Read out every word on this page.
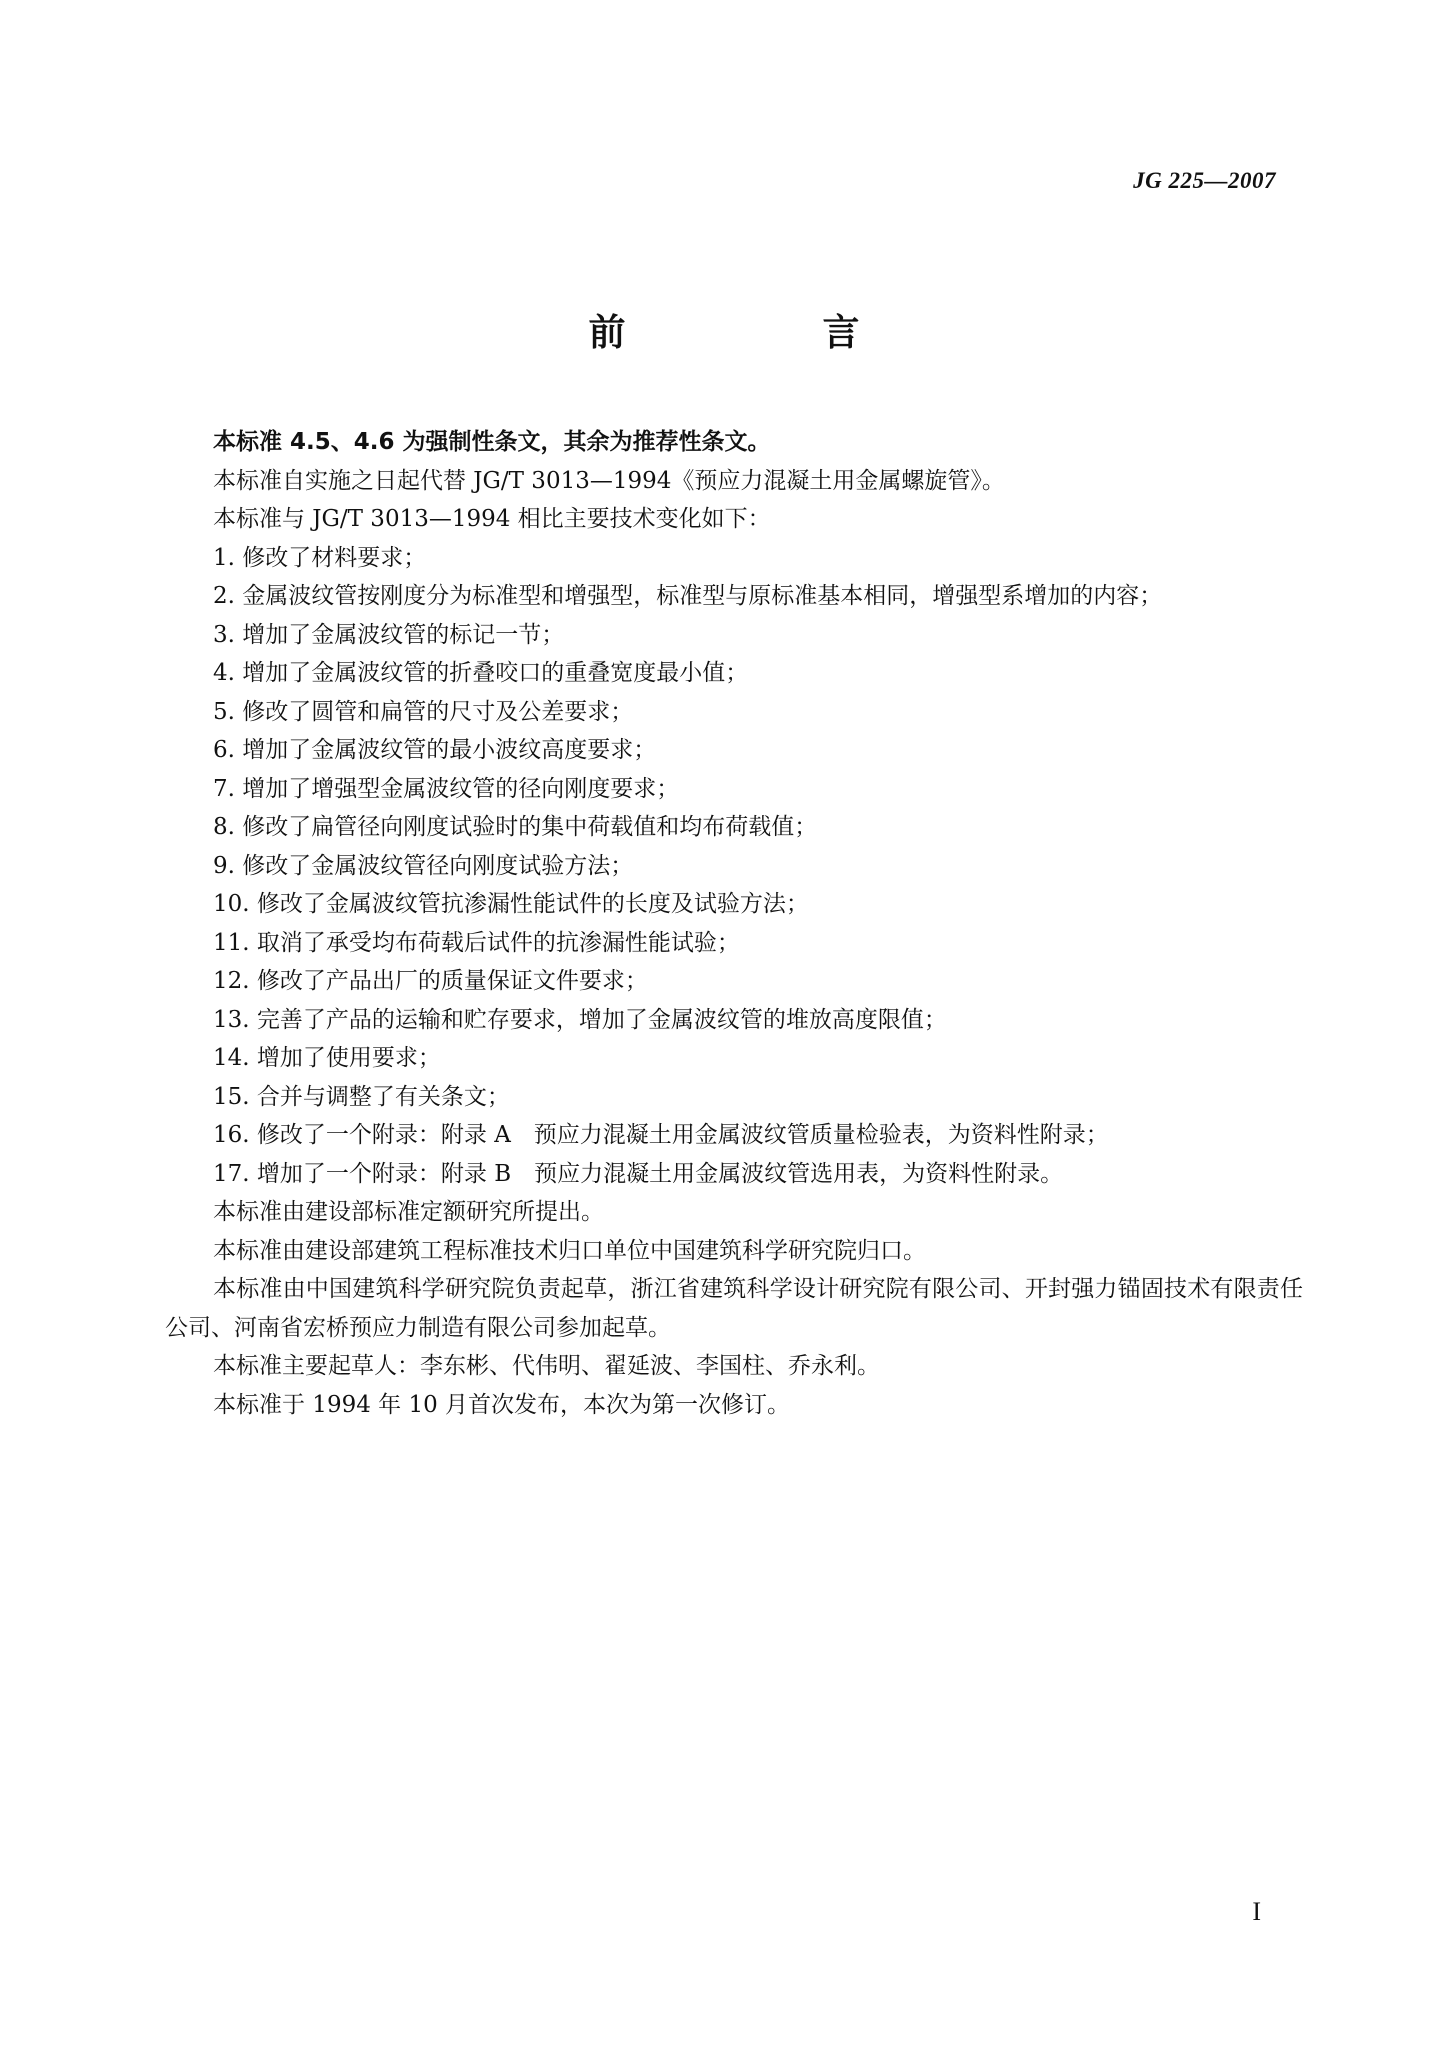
JG 225—2007
前　言

本标准 4.5、4.6 为强制性条文，其余为推荐性条文。

本标准自实施之日起代替 JG/T 3013—1994《预应力混凝土用金属螺旋管》。

本标准与 JG/T 3013—1994 相比主要技术变化如下：

1. 修改了材料要求；

2. 金属波纹管按刚度分为标准型和增强型，标准型与原标准基本相同，增强型系增加的内容；

3. 增加了金属波纹管的标记一节；

4. 增加了金属波纹管的折叠咬口的重叠宽度最小值；

5. 修改了圆管和扁管的尺寸及公差要求；

6. 增加了金属波纹管的最小波纹高度要求；

7. 增加了增强型金属波纹管的径向刚度要求；

8. 修改了扁管径向刚度试验时的集中荷载值和均布荷载值；

9. 修改了金属波纹管径向刚度试验方法；

10. 修改了金属波纹管抗渗漏性能试件的长度及试验方法；

11. 取消了承受均布荷载后试件的抗渗漏性能试验；

12. 修改了产品出厂的质量保证文件要求；

13. 完善了产品的运输和贮存要求，增加了金属波纹管的堆放高度限值；

14. 增加了使用要求；

15. 合并与调整了有关条文；

16. 修改了一个附录：附录 A　预应力混凝土用金属波纹管质量检验表，为资料性附录；

17. 增加了一个附录：附录 B　预应力混凝土用金属波纹管选用表，为资料性附录。

本标准由建设部标准定额研究所提出。

本标准由建设部建筑工程标准技术归口单位中国建筑科学研究院归口。

本标准由中国建筑科学研究院负责起草，浙江省建筑科学设计研究院有限公司、开封强力锚固技术有限责任公司、河南省宏桥预应力制造有限公司参加起草。

本标准主要起草人：李东彬、代伟明、翟延波、李国柱、乔永利。

本标准于 1994 年 10 月首次发布，本次为第一次修订。

I
